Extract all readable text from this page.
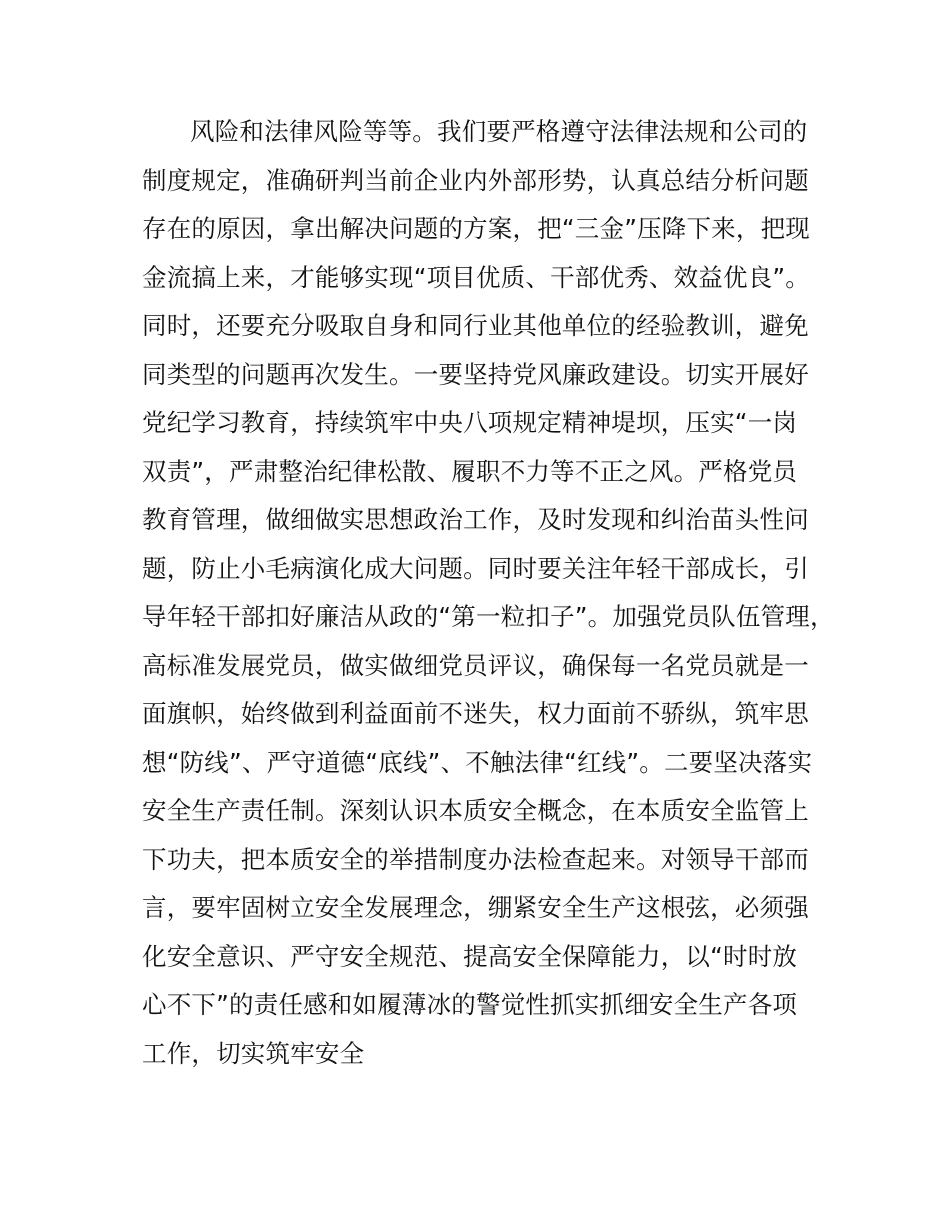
风险和法律风险等等。我们要严格遵守法律法规和公司的
制度规定，准确研判当前企业内外部形势，认真总结分析问题
存在的原因，拿出解决问题的方案，把“三金”压降下来，把现
金流搞上来，才能够实现“项目优质、干部优秀、效益优良”。
同时，还要充分吸取自身和同行业其他单位的经验教训，避免
同类型的问题再次发生。一要坚持党风廉政建设。切实开展好
党纪学习教育，持续筑牢中央八项规定精神堤坝，压实“一岗
双责”，严肃整治纪律松散、履职不力等不正之风。严格党员
教育管理，做细做实思想政治工作，及时发现和纠治苗头性问
题，防止小毛病演化成大问题。同时要关注年轻干部成长，引
导年轻干部扣好廉洁从政的“第一粒扣子”。加强党员队伍管理，
高标准发展党员，做实做细党员评议，确保每一名党员就是一
面旗帜，始终做到利益面前不迷失，权力面前不骄纵，筑牢思
想“防线”、严守道德“底线”、不触法律“红线”。二要坚决落实
安全生产责任制。深刻认识本质安全概念，在本质安全监管上
下功夫，把本质安全的举措制度办法检查起来。对领导干部而
言，要牢固树立安全发展理念，绷紧安全生产这根弦，必须强
化安全意识、严守安全规范、提高安全保障能力，以“时时放
心不下”的责任感和如履薄冰的警觉性抓实抓细安全生产各项
工作，切实筑牢安全
